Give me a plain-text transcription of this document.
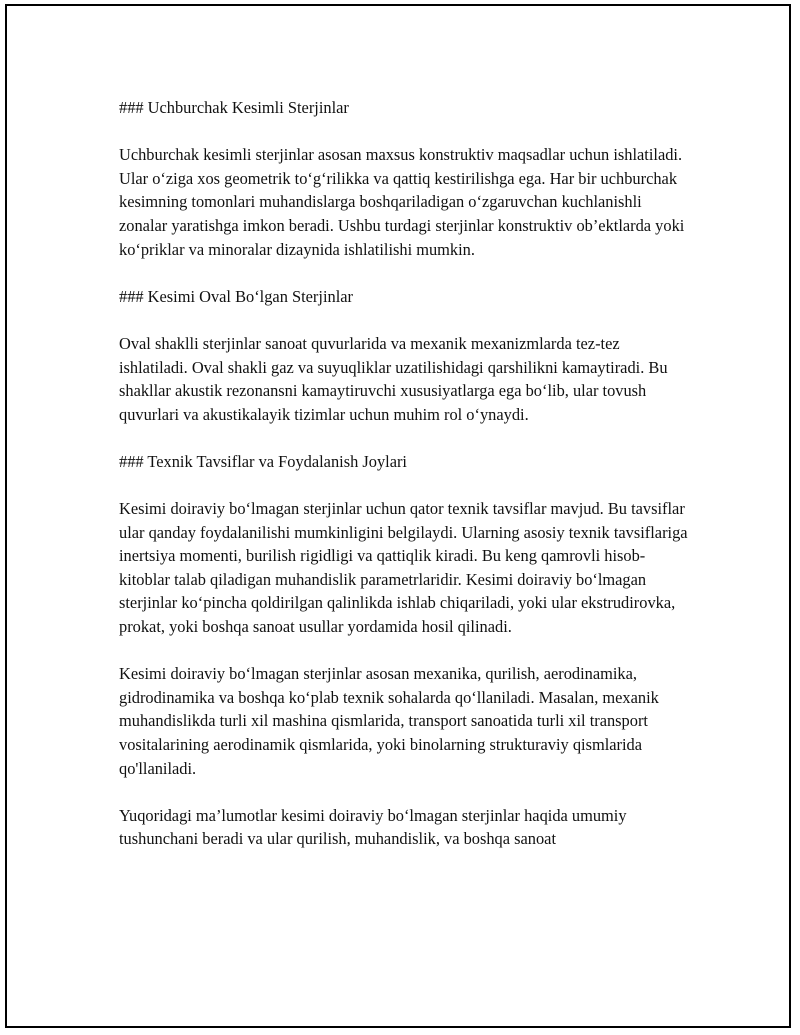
### Uchburchak Kesimli Sterjinlar

Uchburchak kesimli sterjinlar asosan maxsus konstruktiv maqsadlar uchun ishlatiladi. Ular o‘ziga xos geometrik to‘g‘rilikka va qattiq kestirilishga ega. Har bir uchburchak kesimning tomonlari muhandislarga boshqariladigan o‘zgaruvchan kuchlanishli zonalar yaratishga imkon beradi. Ushbu turdagi sterjinlar konstruktiv ob’ektlarda yoki ko‘priklar va minoralar dizaynida ishlatilishi mumkin.

### Kesimi Oval Bo‘lgan Sterjinlar

Oval shaklli sterjinlar sanoat quvurlarida va mexanik mexanizmlarda tez-tez ishlatiladi. Oval shakli gaz va suyuqliklar uzatilishidagi qarshilikni kamaytiradi. Bu shakllar akustik rezonansni kamaytiruvchi xususiyatlarga ega bo‘lib, ular tovush quvurlari va akustikalayik tizimlar uchun muhim rol o‘ynaydi.

### Texnik Tavsiflar va Foydalanish Joylari

Kesimi doiraviy bo‘lmagan sterjinlar uchun qator texnik tavsiflar mavjud. Bu tavsiflar ular qanday foydalanilishi mumkinligini belgilaydi. Ularning asosiy texnik tavsiflariga inertsiya momenti, burilish rigidligi va qattiqlik kiradi. Bu keng qamrovli hisob-kitoblar talab qiladigan muhandislik parametrlaridir. Kesimi doiraviy bo‘lmagan sterjinlar ko‘pincha qoldirilgan qalinlikda ishlab chiqariladi, yoki ular ekstrudirovka, prokat, yoki boshqa sanoat usullar yordamida hosil qilinadi.

Kesimi doiraviy bo‘lmagan sterjinlar asosan mexanika, qurilish, aerodinamika, gidrodinamika va boshqa ko‘plab texnik sohalarda qo‘llaniladi. Masalan, mexanik muhandislikda turli xil mashina qismlarida, transport sanoatida turli xil transport vositalarining aerodinamik qismlarida, yoki binolarning strukturaviy qismlarida qo'llaniladi.

Yuqoridagi ma’lumotlar kesimi doiraviy bo‘lmagan sterjinlar haqida umumiy tushunchani beradi va ular qurilish, muhandislik, va boshqa sanoat
